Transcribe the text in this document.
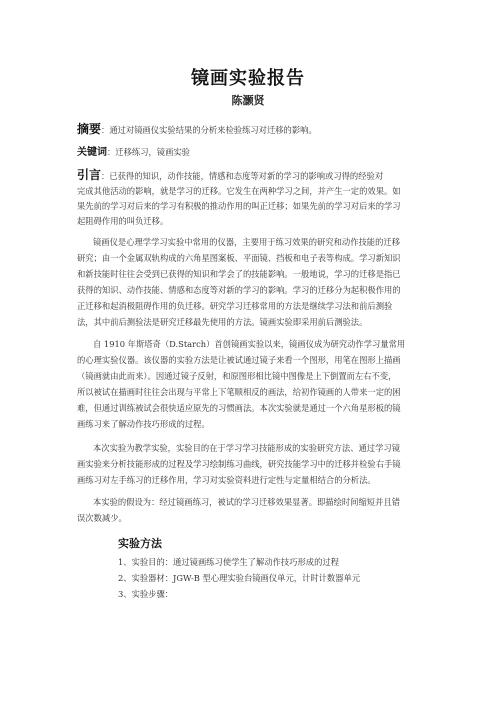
镜画实验报告
陈灏贤
摘要：通过对镜画仪实验结果的分析来检验练习对迁移的影响。
关键词：迁移练习，镜画实验
引言：已获得的知识，动作技能，情感和态度等对新的学习的影响或习得的经验对
完成其他活动的影响，就是学习的迁移。它发生在两种学习之间，并产生一定的效果。如
果先前的学习对后来的学习有积极的推动作用的叫正迁移；如果先前的学习对后来的学习
起阻碍作用的叫负迁移。
镜画仪是心理学学习实验中常用的仪器，主要用于练习效果的研究和动作技能的迁移
研究；由一个金属双轨构成的六角星图案板、平面镜、挡板和电子表等构成。学习新知识
和新技能时往往会受到已获得的知识和学会了的技能影响。一般地说，学习的迁移是指已
获得的知识、动作技能、情感和态度等对新的学习的影响。学习的迁移分为起积极作用的
正迁移和起消极阻碍作用的负迁移。研究学习迁移常用的方法是继续学习法和前后测验
法，其中前后测验法是研究迁移最先使用的方法。镜画实验即采用前后测验法。
自 1910 年斯塔奇（D.Starch）首创镜画实验以来，镜画仪成为研究动作学习量常用
的心理实验仪器。该仪器的实验方法是让被试通过镜子来看一个图形，用笔在图形上描画
（镜画就由此而来）。因通过镜子反射，和原图形相比镜中图像是上下倒置而左右不变，
所以被试在描画时往往会出现与平常上下笔顺相反的画法，给初作镜画的人带来一定的困
难，但通过训练被试会很快适应原先的习惯画法。本次实验就是通过一个六角星形板的镜
画练习来了解动作技巧形成的过程。
本次实验为教学实验，实验目的在于学习学习技能形成的实验研究方法、通过学习镜
画实验来分析技能形成的过程及学习绘制练习曲线，研究技能学习中的迁移并检验右手镜
画练习对左手练习的迁移作用，学习对实验资料进行定性与定量相结合的分析法。
本实验的假设为：经过镜画练习，被试的学习迁移效果显著。即描绘时间缩短并且错
误次数减少。
实验方法
1、实验目的：通过镜画练习使学生了解动作技巧形成的过程
2、实验器材：JGW-B 型心理实验台镜画仪单元，计时计数器单元
3、实验步骤：
